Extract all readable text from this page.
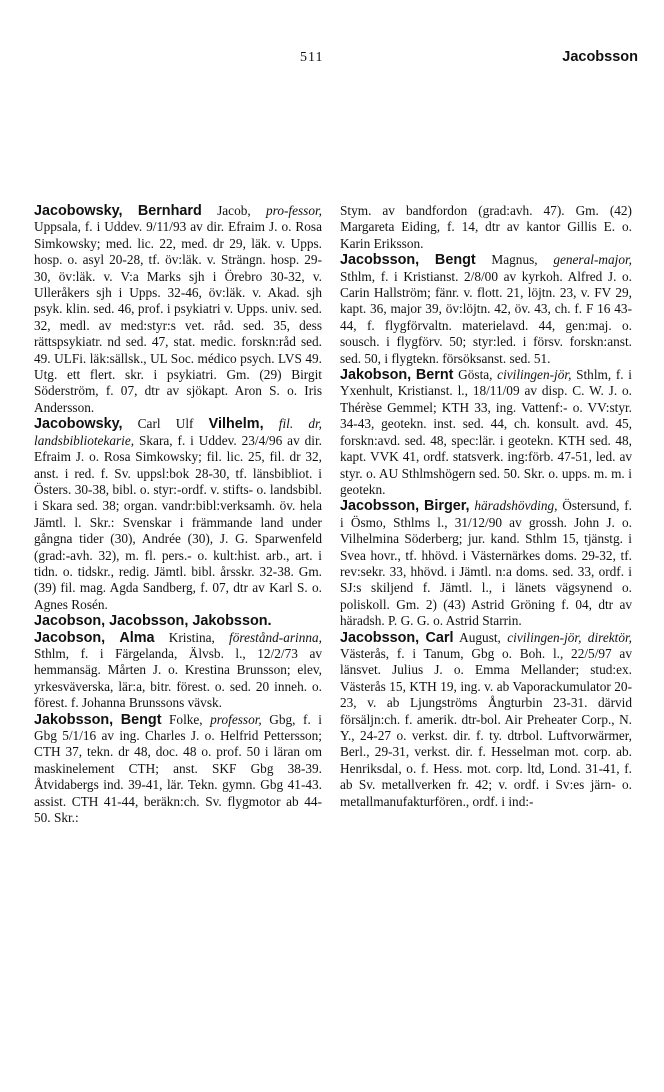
511	Jacobsson

Jacobowsky, Bernhard Jacob, pro-fessor, Uppsala, f. i Uddev. 9/11/93 av dir. Efraim J. o. Rosa Simkowsky; med. lic. 22, med. dr 29, läk. v. Upps. hosp. o. asyl 20-28, tf. öv:läk. v. Strängn. hosp. 29-30, öv:läk. v. V:a Marks sjh i Örebro 30-32, v. Ulleråkers sjh i Upps. 32-46, öv:läk. v. Akad. sjh psyk. klin. sed. 46, prof. i psykiatri v. Upps. univ. sed. 32, medl. av med:styr:s vet. råd. sed. 35, dess rättspsykiatr. nd sed. 47, stat. medic. forskn:råd sed. 49. ULFi. läk:sällsk., UL Soc. médico psych. LVS 49. Utg. ett flert. skr. i psykiatri. Gm. (29) Birgit Söderström, f. 07, dtr av sjökapt. Aron S. o. Iris Andersson.

Jacobowsky, Carl Ulf Vilhelm, fil. dr, landsbibliotekarie, Skara, f. i Uddev. 23/4/96 av dir. Efraim J. o. Rosa Simkowsky; fil. lic. 25, fil. dr 32, anst. i red. f. Sv. uppsl:bok 28-30, tf. länsbibliot. i Östers. 30-38, bibl. o. styr:-ordf. v. stifts- o. landsbibl. i Skara sed. 38; organ. vandr:bibl:verksamh. öv. hela Jämtl. l. Skr.: Svenskar i främmande land under gångna tider (30), Andrée (30), J. G. Sparwenfeld (grad:-avh. 32), m. fl. pers.- o. kult:hist. arb., art. i tidn. o. tidskr., redig. Jämtl. bibl. årsskr. 32-38. Gm. (39) fil. mag. Agda Sandberg, f. 07, dtr av Karl S. o. Agnes Rosén.

Jacobson, Jacobsson, Jakobsson.

Jacobson, Alma Kristina, förestånd-arinna, Sthlm, f. i Färgelanda, Älvsb. l., 12/2/73 av hemmansäg. Mårten J. o. Krestina Brunsson; elev, yrkesväverska, lär:a, bitr. förest. o. sed. 20 inneh. o. förest. f. Johanna Brunssons vävsk.

Jakobsson, Bengt Folke, professor, Gbg, f. i Gbg 5/1/16 av ing. Charles J. o. Helfrid Pettersson; CTH 37, tekn. dr 48, doc. 48 o. prof. 50 i läran om maskinelement CTH; anst. SKF Gbg 38-39. Åtvidabergs ind. 39-41, lär. Tekn. gymn. Gbg 41-43. assist. CTH 41-44, beräkn:ch. Sv. flygmotor ab 44-50. Skr.:

Stym. av bandfordon (grad:avh. 47). Gm. (42) Margareta Eiding, f. 14, dtr av kantor Gillis E. o. Karin Eriksson.

Jacobsson, Bengt Magnus, general-major, Sthlm, f. i Kristianst. 2/8/00 av kyrkoh. Alfred J. o. Carin Hallström; fänr. v. flott. 21, löjtn. 23, v. FV 29, kapt. 36, major 39, öv:löjtn. 42, öv. 43, ch. f. F 16 43-44, f. flygförvaltn. materielavd. 44, gen:maj. o. sousch. i flygförv. 50; styr:led. i försv. forskn:anst. sed. 50, i flygtekn. försöksanst. sed. 51.

Jakobson, Bernt Gösta, civilingen-jör, Sthlm, f. i Yxenhult, Kristianst. l., 18/11/09 av disp. C. W. J. o. Thérèse Gemmel; KTH 33, ing. Vattenf:- o. VV:styr. 34-43, geotekn. inst. sed. 44, ch. konsult. avd. 45, forskn:avd. sed. 48, spec:lär. i geotekn. KTH sed. 48, kapt. VVK 41, ordf. statsverk. ing:förb. 47-51, led. av styr. o. AU Sthlmshögern sed. 50. Skr. o. upps. m. m. i geotekn.

Jacobsson, Birger, häradshövding, Östersund, f. i Ösmo, Sthlms l., 31/12/90 av grossh. John J. o. Vilhelmina Söderberg; jur. kand. Sthlm 15, tjänstg. i Svea hovr., tf. hhövd. i Västernärkes doms. 29-32, tf. rev:sekr. 33, hhövd. i Jämtl. n:a doms. sed. 33, ordf. i SJ:s skiljend f. Jämtl. l., i länets vägsynend o. poliskoll. Gm. 2) (43) Astrid Gröning f. 04, dtr av häradsh. P. G. G. o. Astrid Starrin.

Jacobsson, Carl August, civilingen-jör, direktör, Västerås, f. i Tanum, Gbg o. Boh. l., 22/5/97 av länsvet. Julius J. o. Emma Mellander; stud:ex. Västerås 15, KTH 19, ing. v. ab Vaporackumulator 20-23, v. ab Ljungströms Ångturbin 23-31. därvid försäljn:ch. f. amerik. dtr-bol. Air Preheater Corp., N. Y., 24-27 o. verkst. dir. f. ty. dtrbol. Luftvorwärmer, Berl., 29-31, verkst. dir. f. Hesselman mot. corp. ab. Henriksdal, o. f. Hess. mot. corp. ltd, Lond. 31-41, f. ab Sv. metallverken fr. 42; v. ordf. i Sv:es järn- o. metallmanufakturfören., ordf. i ind:-
